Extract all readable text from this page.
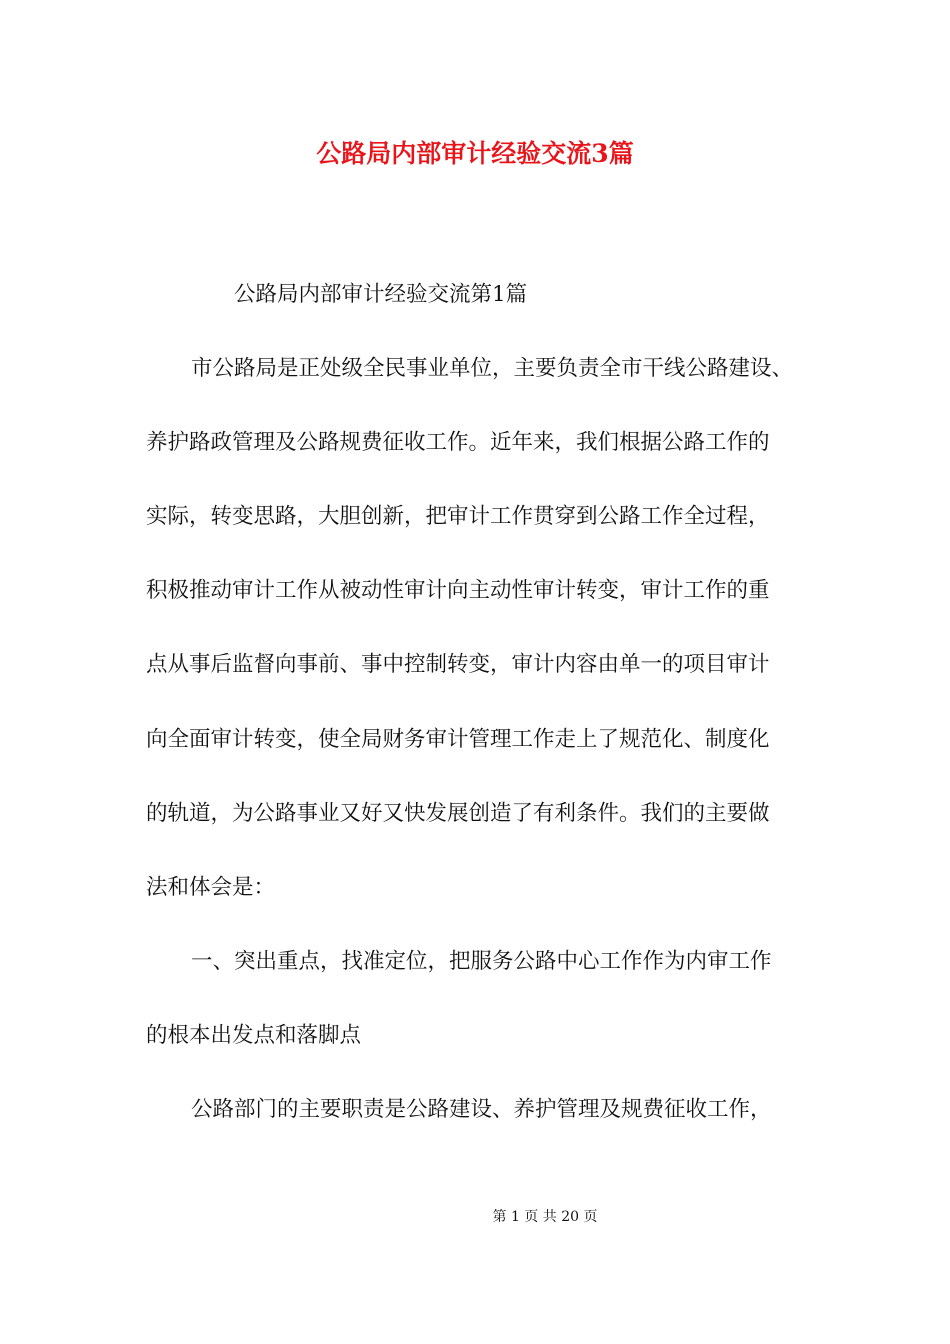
公路局内部审计经验交流3篇
公路局内部审计经验交流第1篇
市公路局是正处级全民事业单位，主要负责全市干线公路建设、
养护路政管理及公路规费征收工作。近年来，我们根据公路工作的
实际，转变思路，大胆创新，把审计工作贯穿到公路工作全过程，
积极推动审计工作从被动性审计向主动性审计转变，审计工作的重
点从事后监督向事前、事中控制转变，审计内容由单一的项目审计
向全面审计转变，使全局财务审计管理工作走上了规范化、制度化
的轨道，为公路事业又好又快发展创造了有利条件。我们的主要做
法和体会是：
一、突出重点，找准定位，把服务公路中心工作作为内审工作
的根本出发点和落脚点
公路部门的主要职责是公路建设、养护管理及规费征收工作，
第 1 页 共 20 页
